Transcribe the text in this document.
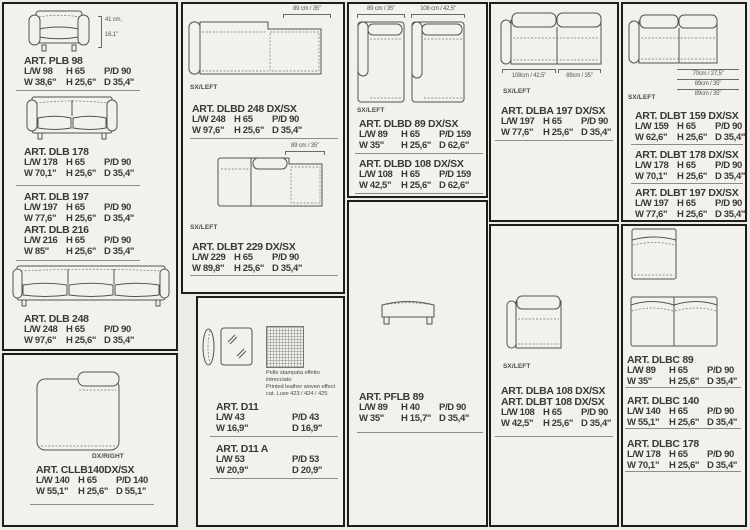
41 cm,
16,1"
ART. PLB 98
L/W 98	H 65	P/D 90
W 38,6"	H 25,6" D 35,4"
ART. DLB 178
L/W 178 H 65	P/D 90
W 70,1"	H 25,6" D 35,4"
ART. DLB 197
L/W 197 H 65	P/D 90
W 77,6"	H 25,6" D 35,4"
ART. DLB 216
L/W 216 H 65	P/D 90
W 85"	H 25,6" D 35,4"
ART. DLB 248
L/W 248 H 65	P/D 90
W 97,6"	H 25,6" D 35,4"
DX/RIGHT
ART. CLLB140DX/SX
L/W 140 H 65	P/D 140
W 55,1"	H 25,6" D 55,1"
89 cm / 35"
SX/LEFT
ART. DLBD 248 DX/SX
L/W 248 H 65	P/D 90
W 97,6"	H 25,6" D 35,4"
89 cm / 35"
SX/LEFT
ART. DLBT 229 DX/SX
L/W 229 H 65	P/D 90
W 89,8"	H 25,6" D 35,4"
Pelle stampata effetto
intrecciato
Printed leather woven effect
cat. Luxe 423 / 424 / 425
ART. D11
L/W 43	P/D 43
W 16,9"	D 16,9"
ART. D11 A
L/W 53	P/D 53
W 20,9"	D 20,9"
89 cm / 35"	108 cm / 42,5"
SX/LEFT
ART. DLBD 89 DX/SX
L/W 89	H 65	P/D 159
W 35"	H 25,6" D 62,6"
ART. DLBD 108 DX/SX
L/W 108 H 65	P/D 159
W 42,5"	H 25,6" D 62,6"
ART. PFLB 89
L/W 89	H 40	P/D 90
W 35"	H 15,7" D 35,4"
108cm / 42,5"	89cm / 35"
SX/LEFT
ART. DLBA 197 DX/SX
L/W 197 H 65	P/D 90
W 77,6"	H 25,6" D 35,4"
70cm / 27,5"
89cm / 35"
89cm / 35"
SX/LEFT
ART. DLBT 159 DX/SX
L/W 159 H 65	P/D 90
W 62,6"	H 25,6" D 35,4"
ART. DLBT 178 DX/SX
L/W 178 H 65	P/D 90
W 70,1"	H 25,6" D 35,4"
ART. DLBT 197 DX/SX
L/W 197 H 65	P/D 90
W 77,6"	H 25,6" D 35,4"
SX/LEFT
ART. DLBA 108 DX/SX
ART. DLBT 108 DX/SX
L/W 108 H 65	P/D 90
W 42,5"	H 25,6" D 35,4"
ART. DLBC 89
L/W 89	H 65	P/D 90
W 35"	H 25,6" D 35,4"
ART. DLBC 140
L/W 140 H 65	P/D 90
W 55,1"	H 25,6" D 35,4"
ART. DLBC 178
L/W 178 H 65	P/D 90
W 70,1"	H 25,6" D 35,4"
